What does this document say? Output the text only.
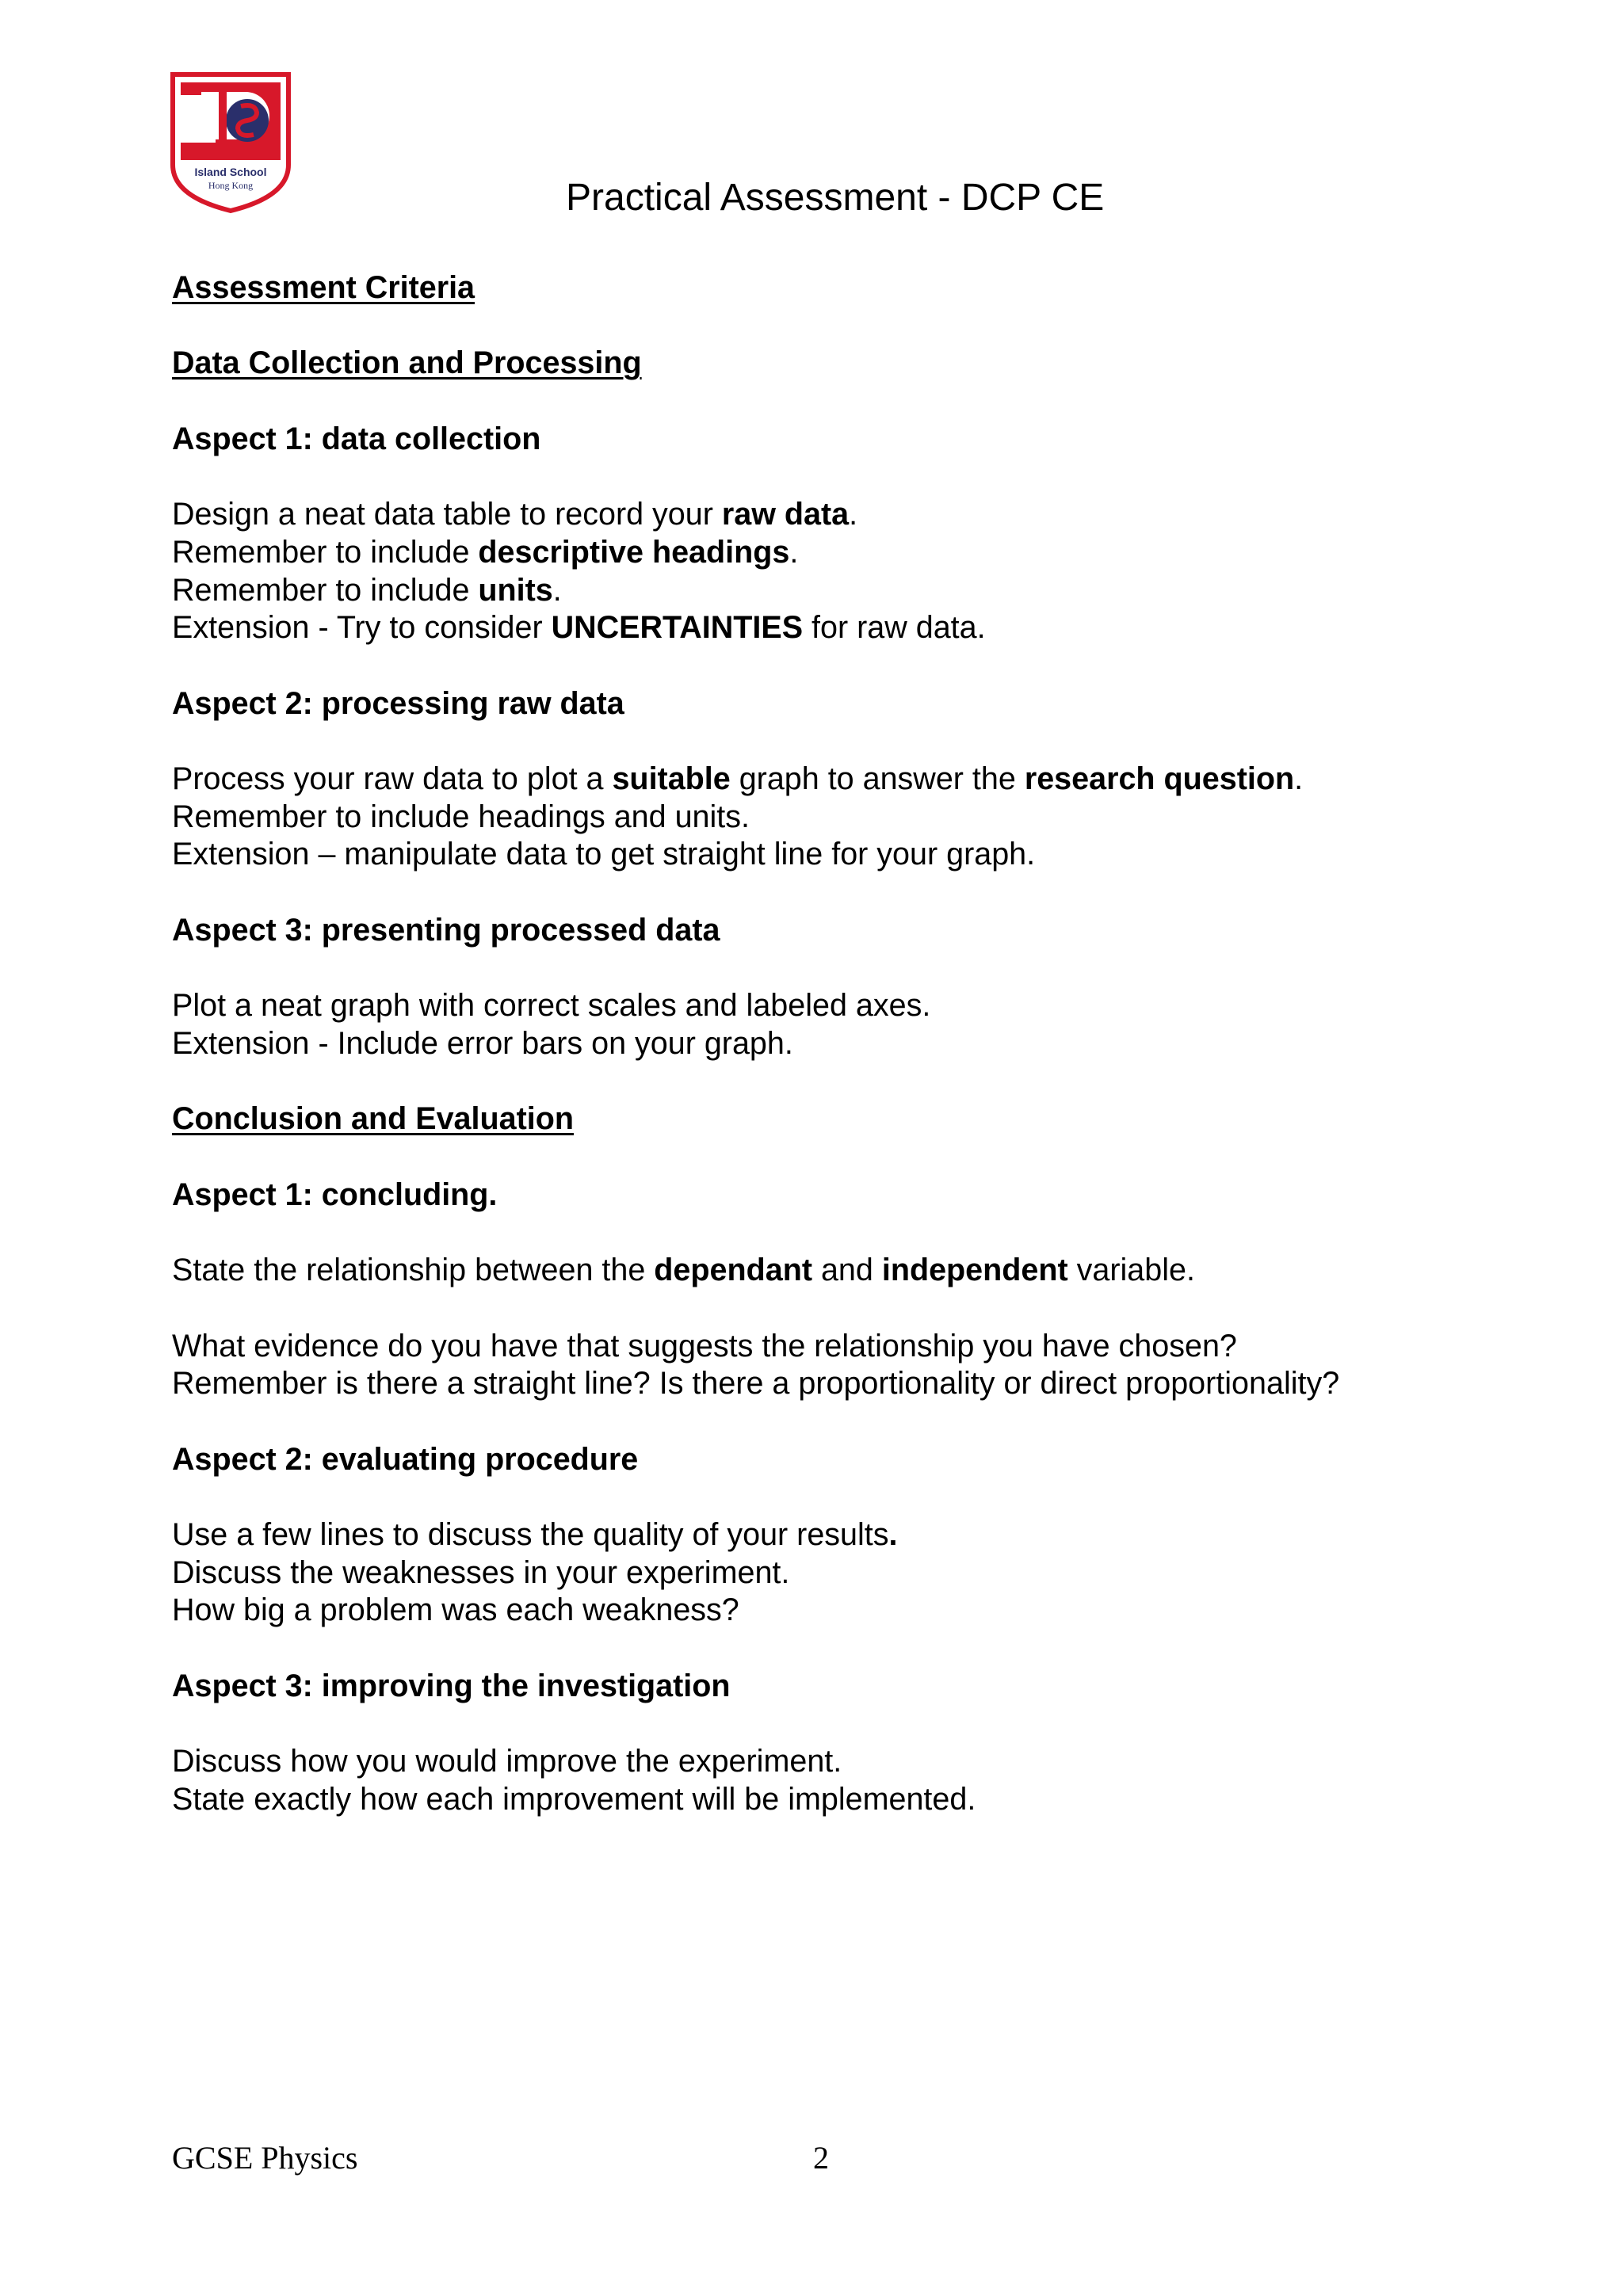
Island School
Hong Kong	Practical Assessment - DCP CE

Assessment Criteria

Data Collection and Processing

Aspect 1: data collection

Design a neat data table to record your raw data.

Remember to include descriptive headings.

Remember to include units.

Extension - Try to consider UNCERTAINTIES for raw data.

Aspect 2: processing raw data

Process your raw data to plot a suitable graph to answer the research question.

Remember to include headings and units.

Extension – manipulate data to get straight line for your graph.

Aspect 3: presenting processed data

Plot a neat graph with correct scales and labeled axes.

Extension - Include error bars on your graph.

Conclusion and Evaluation

Aspect 1: concluding.

State the relationship between the dependant and independent variable.

What evidence do you have that suggests the relationship you have chosen?

Remember is there a straight line? Is there a proportionality or direct proportionality?

Aspect 2: evaluating procedure

Use a few lines to discuss the quality of your results.

Discuss the weaknesses in your experiment.

How big a problem was each weakness?

Aspect 3: improving the investigation

Discuss how you would improve the experiment.

State exactly how each improvement will be implemented.

GCSE Physics	2
